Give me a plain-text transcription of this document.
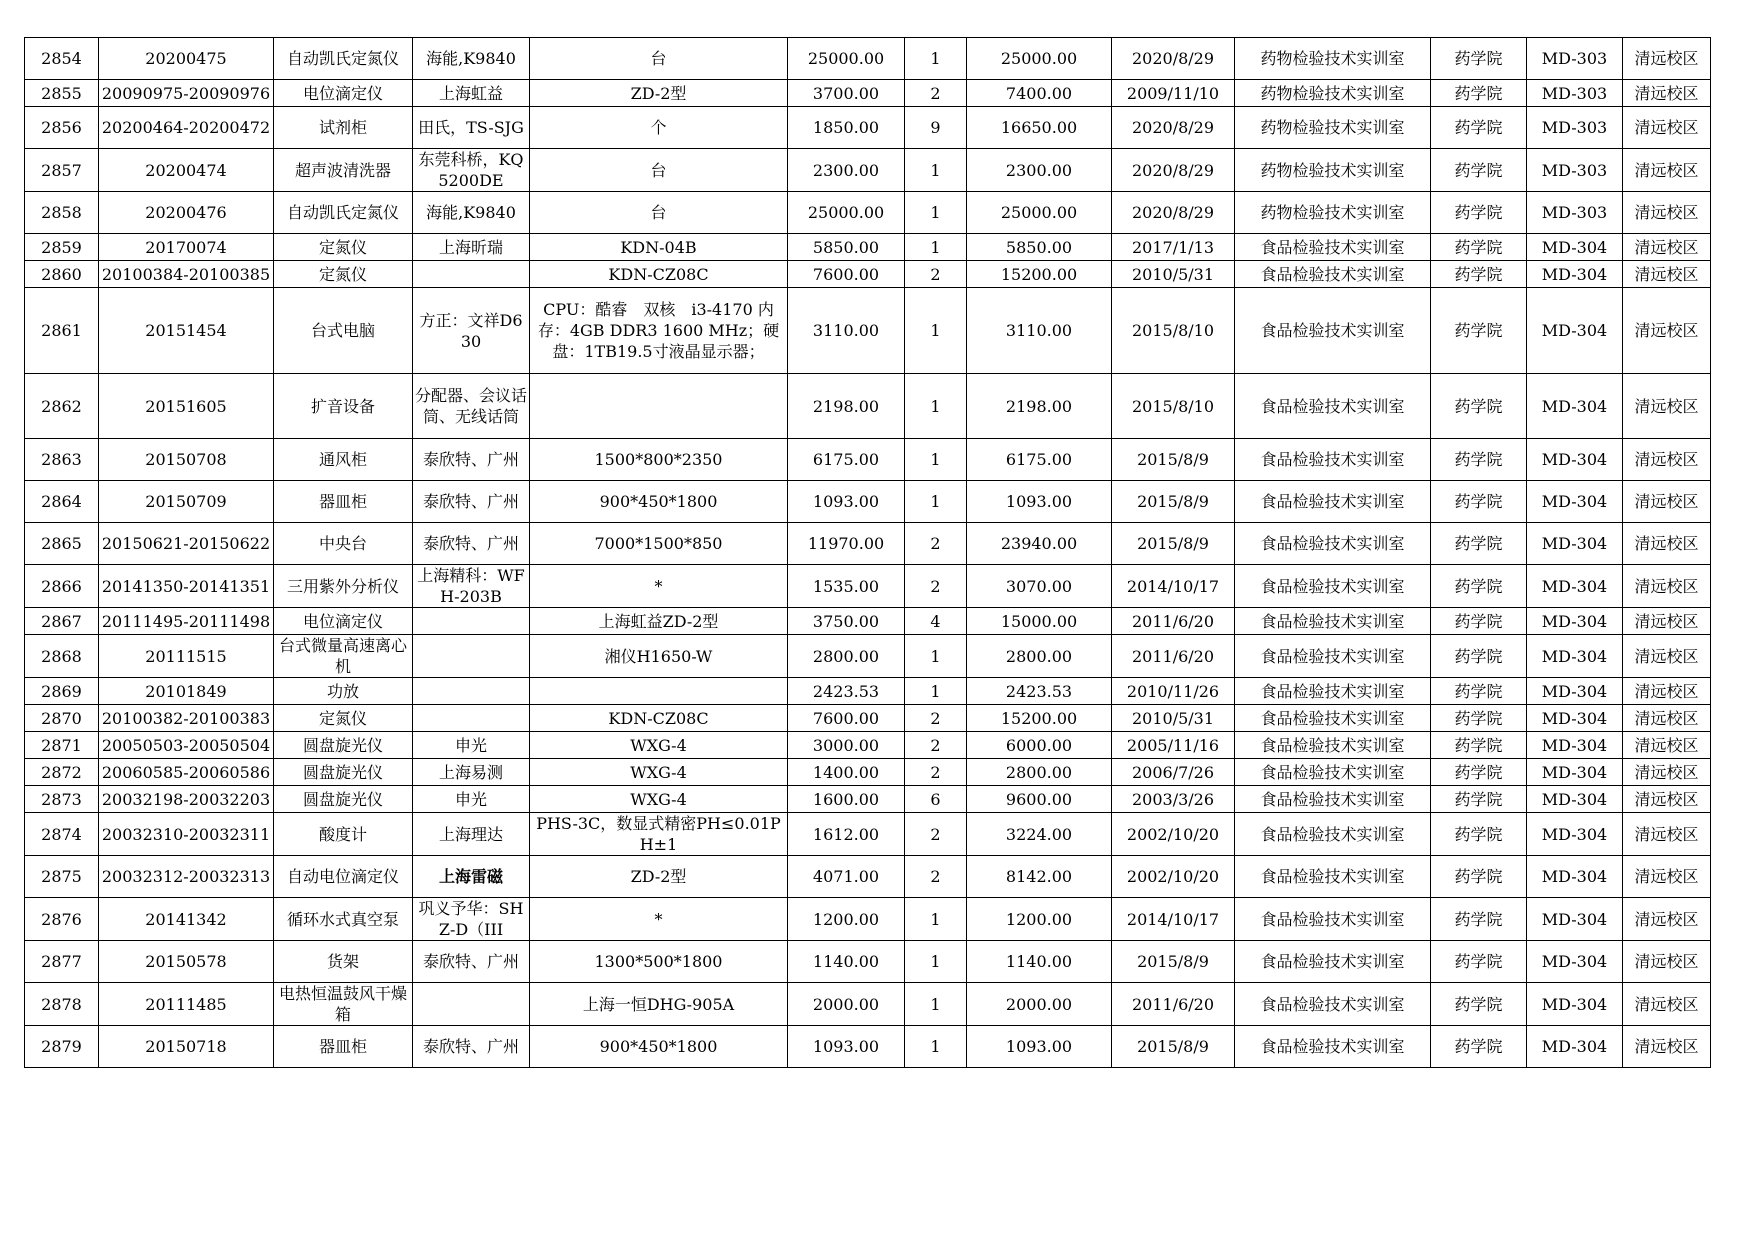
2854	20200475	自动凯氏定氮仪	海能,K9840	台	25000.00	1	25000.00	2020/8/29	药物检验技术实训室	药学院	MD-303	清远校区
2855	20090975-20090976	电位滴定仪	上海虹益	ZD-2型	3700.00	2	7400.00	2009/11/10	药物检验技术实训室	药学院	MD-303	清远校区
2856	20200464-20200472	试剂柜	田氏，TS-SJG	个	1850.00	9	16650.00	2020/8/29	药物检验技术实训室	药学院	MD-303	清远校区
2857	20200474	超声波清洗器	东莞科桥，KQ5200DE	台	2300.00	1	2300.00	2020/8/29	药物检验技术实训室	药学院	MD-303	清远校区
2858	20200476	自动凯氏定氮仪	海能,K9840	台	25000.00	1	25000.00	2020/8/29	药物检验技术实训室	药学院	MD-303	清远校区
2859	20170074	定氮仪	上海昕瑞	KDN-04B	5850.00	1	5850.00	2017/1/13	食品检验技术实训室	药学院	MD-304	清远校区
2860	20100384-20100385	定氮仪		KDN-CZ08C	7600.00	2	15200.00	2010/5/31	食品检验技术实训室	药学院	MD-304	清远校区
2861	20151454	台式电脑	方正：文祥D630	CPU：酷睿　双核　i3-4170 内存：4GB DDR3 1600 MHz；硬盘：1TB19.5寸液晶显示器；	3110.00	1	3110.00	2015/8/10	食品检验技术实训室	药学院	MD-304	清远校区
2862	20151605	扩音设备	分配器、会议话筒、无线话筒		2198.00	1	2198.00	2015/8/10	食品检验技术实训室	药学院	MD-304	清远校区
2863	20150708	通风柜	泰欣特、广州	1500*800*2350	6175.00	1	6175.00	2015/8/9	食品检验技术实训室	药学院	MD-304	清远校区
2864	20150709	器皿柜	泰欣特、广州	900*450*1800	1093.00	1	1093.00	2015/8/9	食品检验技术实训室	药学院	MD-304	清远校区
2865	20150621-20150622	中央台	泰欣特、广州	7000*1500*850	11970.00	2	23940.00	2015/8/9	食品检验技术实训室	药学院	MD-304	清远校区
2866	20141350-20141351	三用紫外分析仪	上海精科：WFH-203B	*	1535.00	2	3070.00	2014/10/17	食品检验技术实训室	药学院	MD-304	清远校区
2867	20111495-20111498	电位滴定仪		上海虹益ZD-2型	3750.00	4	15000.00	2011/6/20	食品检验技术实训室	药学院	MD-304	清远校区
2868	20111515	台式微量高速离心机		湘仪H1650-W	2800.00	1	2800.00	2011/6/20	食品检验技术实训室	药学院	MD-304	清远校区
2869	20101849	功放			2423.53	1	2423.53	2010/11/26	食品检验技术实训室	药学院	MD-304	清远校区
2870	20100382-20100383	定氮仪		KDN-CZ08C	7600.00	2	15200.00	2010/5/31	食品检验技术实训室	药学院	MD-304	清远校区
2871	20050503-20050504	圆盘旋光仪	申光	WXG-4	3000.00	2	6000.00	2005/11/16	食品检验技术实训室	药学院	MD-304	清远校区
2872	20060585-20060586	圆盘旋光仪	上海易测	WXG-4	1400.00	2	2800.00	2006/7/26	食品检验技术实训室	药学院	MD-304	清远校区
2873	20032198-20032203	圆盘旋光仪	申光	WXG-4	1600.00	6	9600.00	2003/3/26	食品检验技术实训室	药学院	MD-304	清远校区
2874	20032310-20032311	酸度计	上海理达	PHS-3C，数显式精密PH≤0.01PH±1	1612.00	2	3224.00	2002/10/20	食品检验技术实训室	药学院	MD-304	清远校区
2875	20032312-20032313	自动电位滴定仪	上海雷磁	ZD-2型	4071.00	2	8142.00	2002/10/20	食品检验技术实训室	药学院	MD-304	清远校区
2876	20141342	循环水式真空泵	巩义予华：SHZ-D（III	*	1200.00	1	1200.00	2014/10/17	食品检验技术实训室	药学院	MD-304	清远校区
2877	20150578	货架	泰欣特、广州	1300*500*1800	1140.00	1	1140.00	2015/8/9	食品检验技术实训室	药学院	MD-304	清远校区
2878	20111485	电热恒温鼓风干燥箱		上海一恒DHG-905A	2000.00	1	2000.00	2011/6/20	食品检验技术实训室	药学院	MD-304	清远校区
2879	20150718	器皿柜	泰欣特、广州	900*450*1800	1093.00	1	1093.00	2015/8/9	食品检验技术实训室	药学院	MD-304	清远校区
